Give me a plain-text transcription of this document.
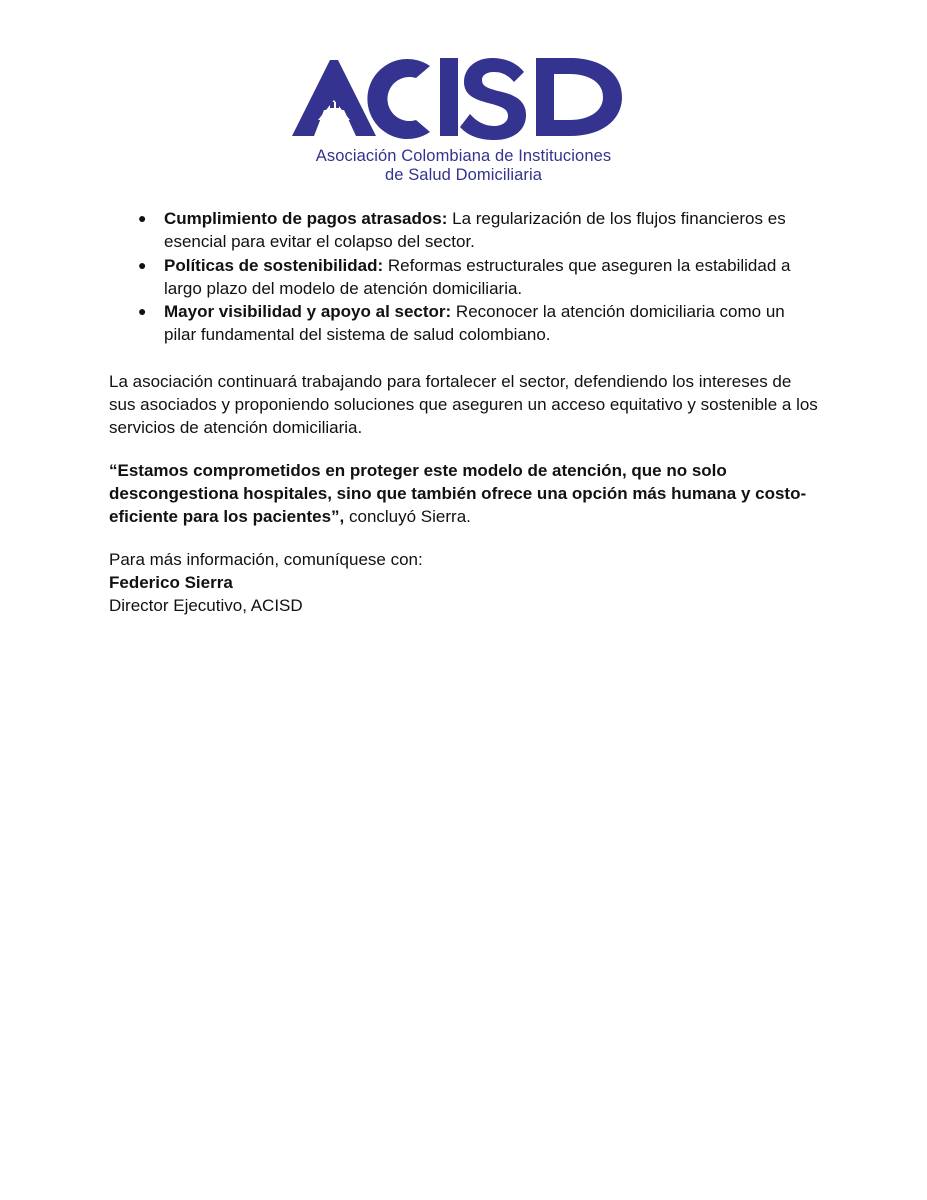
Asociación Colombiana de Instituciones
de Salud Domiciliaria
● Cumplimiento de pagos atrasados: La regularización de los flujos financieros es esencial para evitar el colapso del sector.
● Políticas de sostenibilidad: Reformas estructurales que aseguren la estabilidad a largo plazo del modelo de atención domiciliaria.
● Mayor visibilidad y apoyo al sector: Reconocer la atención domiciliaria como un pilar fundamental del sistema de salud colombiano.

La asociación continuará trabajando para fortalecer el sector, defendiendo los intereses de sus asociados y proponiendo soluciones que aseguren un acceso equitativo y sostenible a los servicios de atención domiciliaria.

“Estamos comprometidos en proteger este modelo de atención, que no solo descongestiona hospitales, sino que también ofrece una opción más humana y costo-eficiente para los pacientes”, concluyó Sierra.

Para más información, comuníquese con:
Federico Sierra
Director Ejecutivo, ACISD
